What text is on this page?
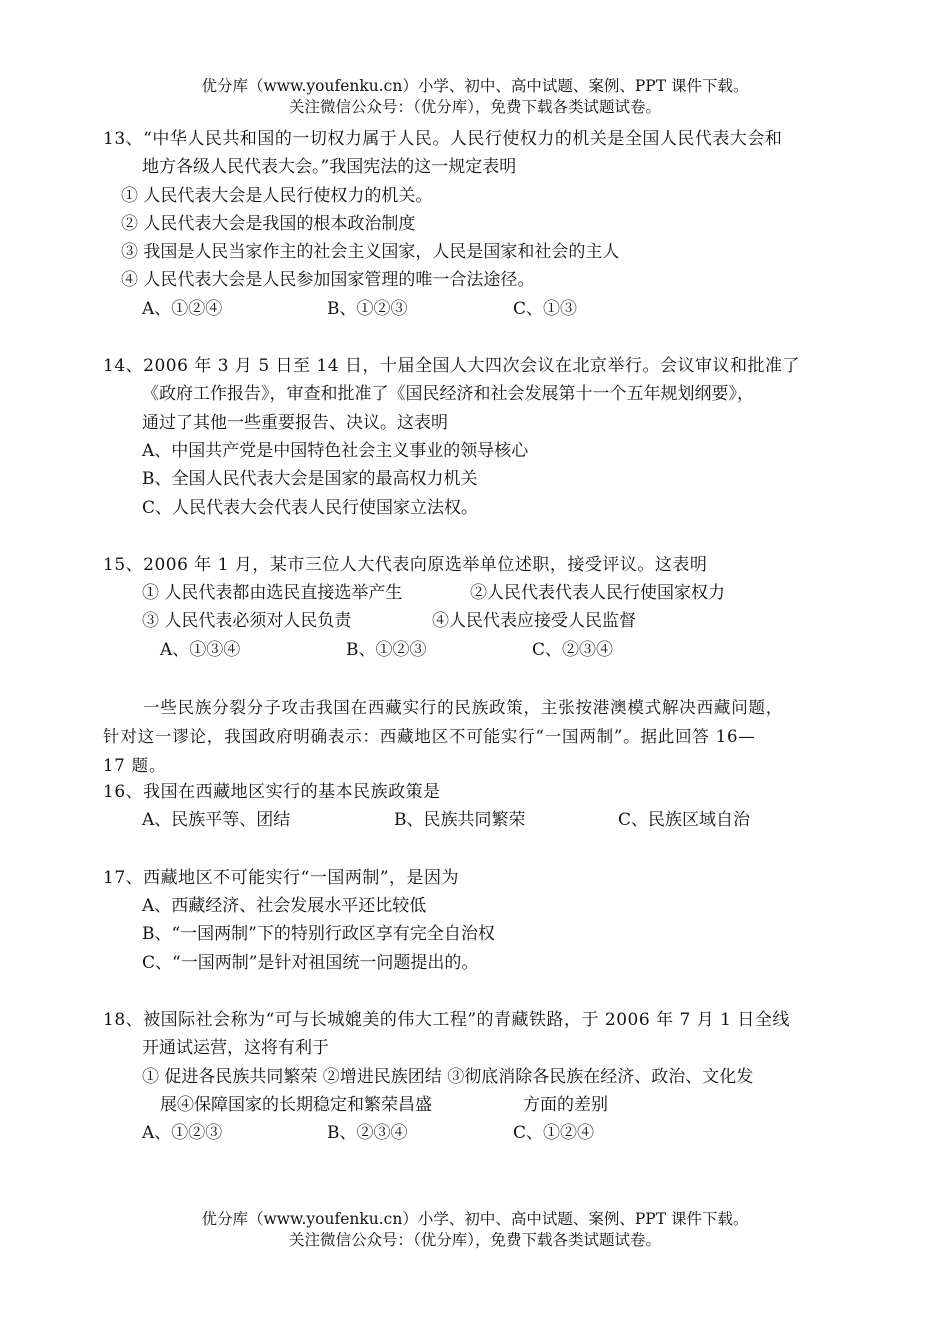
优分库（www.youfenku.cn）小学、初中、高中试题、案例、PPT 课件下载。
关注微信公众号：（优分库），免费下载各类试题试卷。
13、“中华人民共和国的一切权力属于人民。人民行使权力的机关是全国人民代表大会和
地方各级人民代表大会。”我国宪法的这一规定表明
① 人民代表大会是人民行使权力的机关。
② 人民代表大会是我国的根本政治制度
③ 我国是人民当家作主的社会主义国家，人民是国家和社会的主人
④ 人民代表大会是人民参加国家管理的唯一合法途径。
A、①②④	B、①②③	C、①③
14、2006 年 3 月 5 日至 14 日，十届全国人大四次会议在北京举行。会议审议和批准了
《政府工作报告》，审查和批准了《国民经济和社会发展第十一个五年规划纲要》，
通过了其他一些重要报告、决议。这表明
A、中国共产党是中国特色社会主义事业的领导核心
B、全国人民代表大会是国家的最高权力机关
C、人民代表大会代表人民行使国家立法权。
15、2006 年 1 月，某市三位人大代表向原选举单位述职，接受评议。这表明
① 人民代表都由选民直接选举产生	②人民代表代表人民行使国家权力
③ 人民代表必须对人民负责	④人民代表应接受人民监督
A、①③④	B、①②③	C、②③④
一些民族分裂分子攻击我国在西藏实行的民族政策，主张按港澳模式解决西藏问题，
针对这一谬论，我国政府明确表示：西藏地区不可能实行“一国两制”。据此回答 16—
17 题。
16、我国在西藏地区实行的基本民族政策是
A、民族平等、团结	B、民族共同繁荣	C、民族区域自治
17、西藏地区不可能实行“一国两制”，是因为
A、西藏经济、社会发展水平还比较低
B、“一国两制”下的特别行政区享有完全自治权
C、“一国两制”是针对祖国统一问题提出的。
18、被国际社会称为“可与长城媲美的伟大工程”的青藏铁路，于 2006 年 7 月 1 日全线
开通试运营，这将有利于
① 促进各民族共同繁荣 ②增进民族团结 ③彻底消除各民族在经济、政治、文化发
展④保障国家的长期稳定和繁荣昌盛	方面的差别
A、①②③	B、②③④	C、①②④
优分库（www.youfenku.cn）小学、初中、高中试题、案例、PPT 课件下载。
关注微信公众号：（优分库），免费下载各类试题试卷。
